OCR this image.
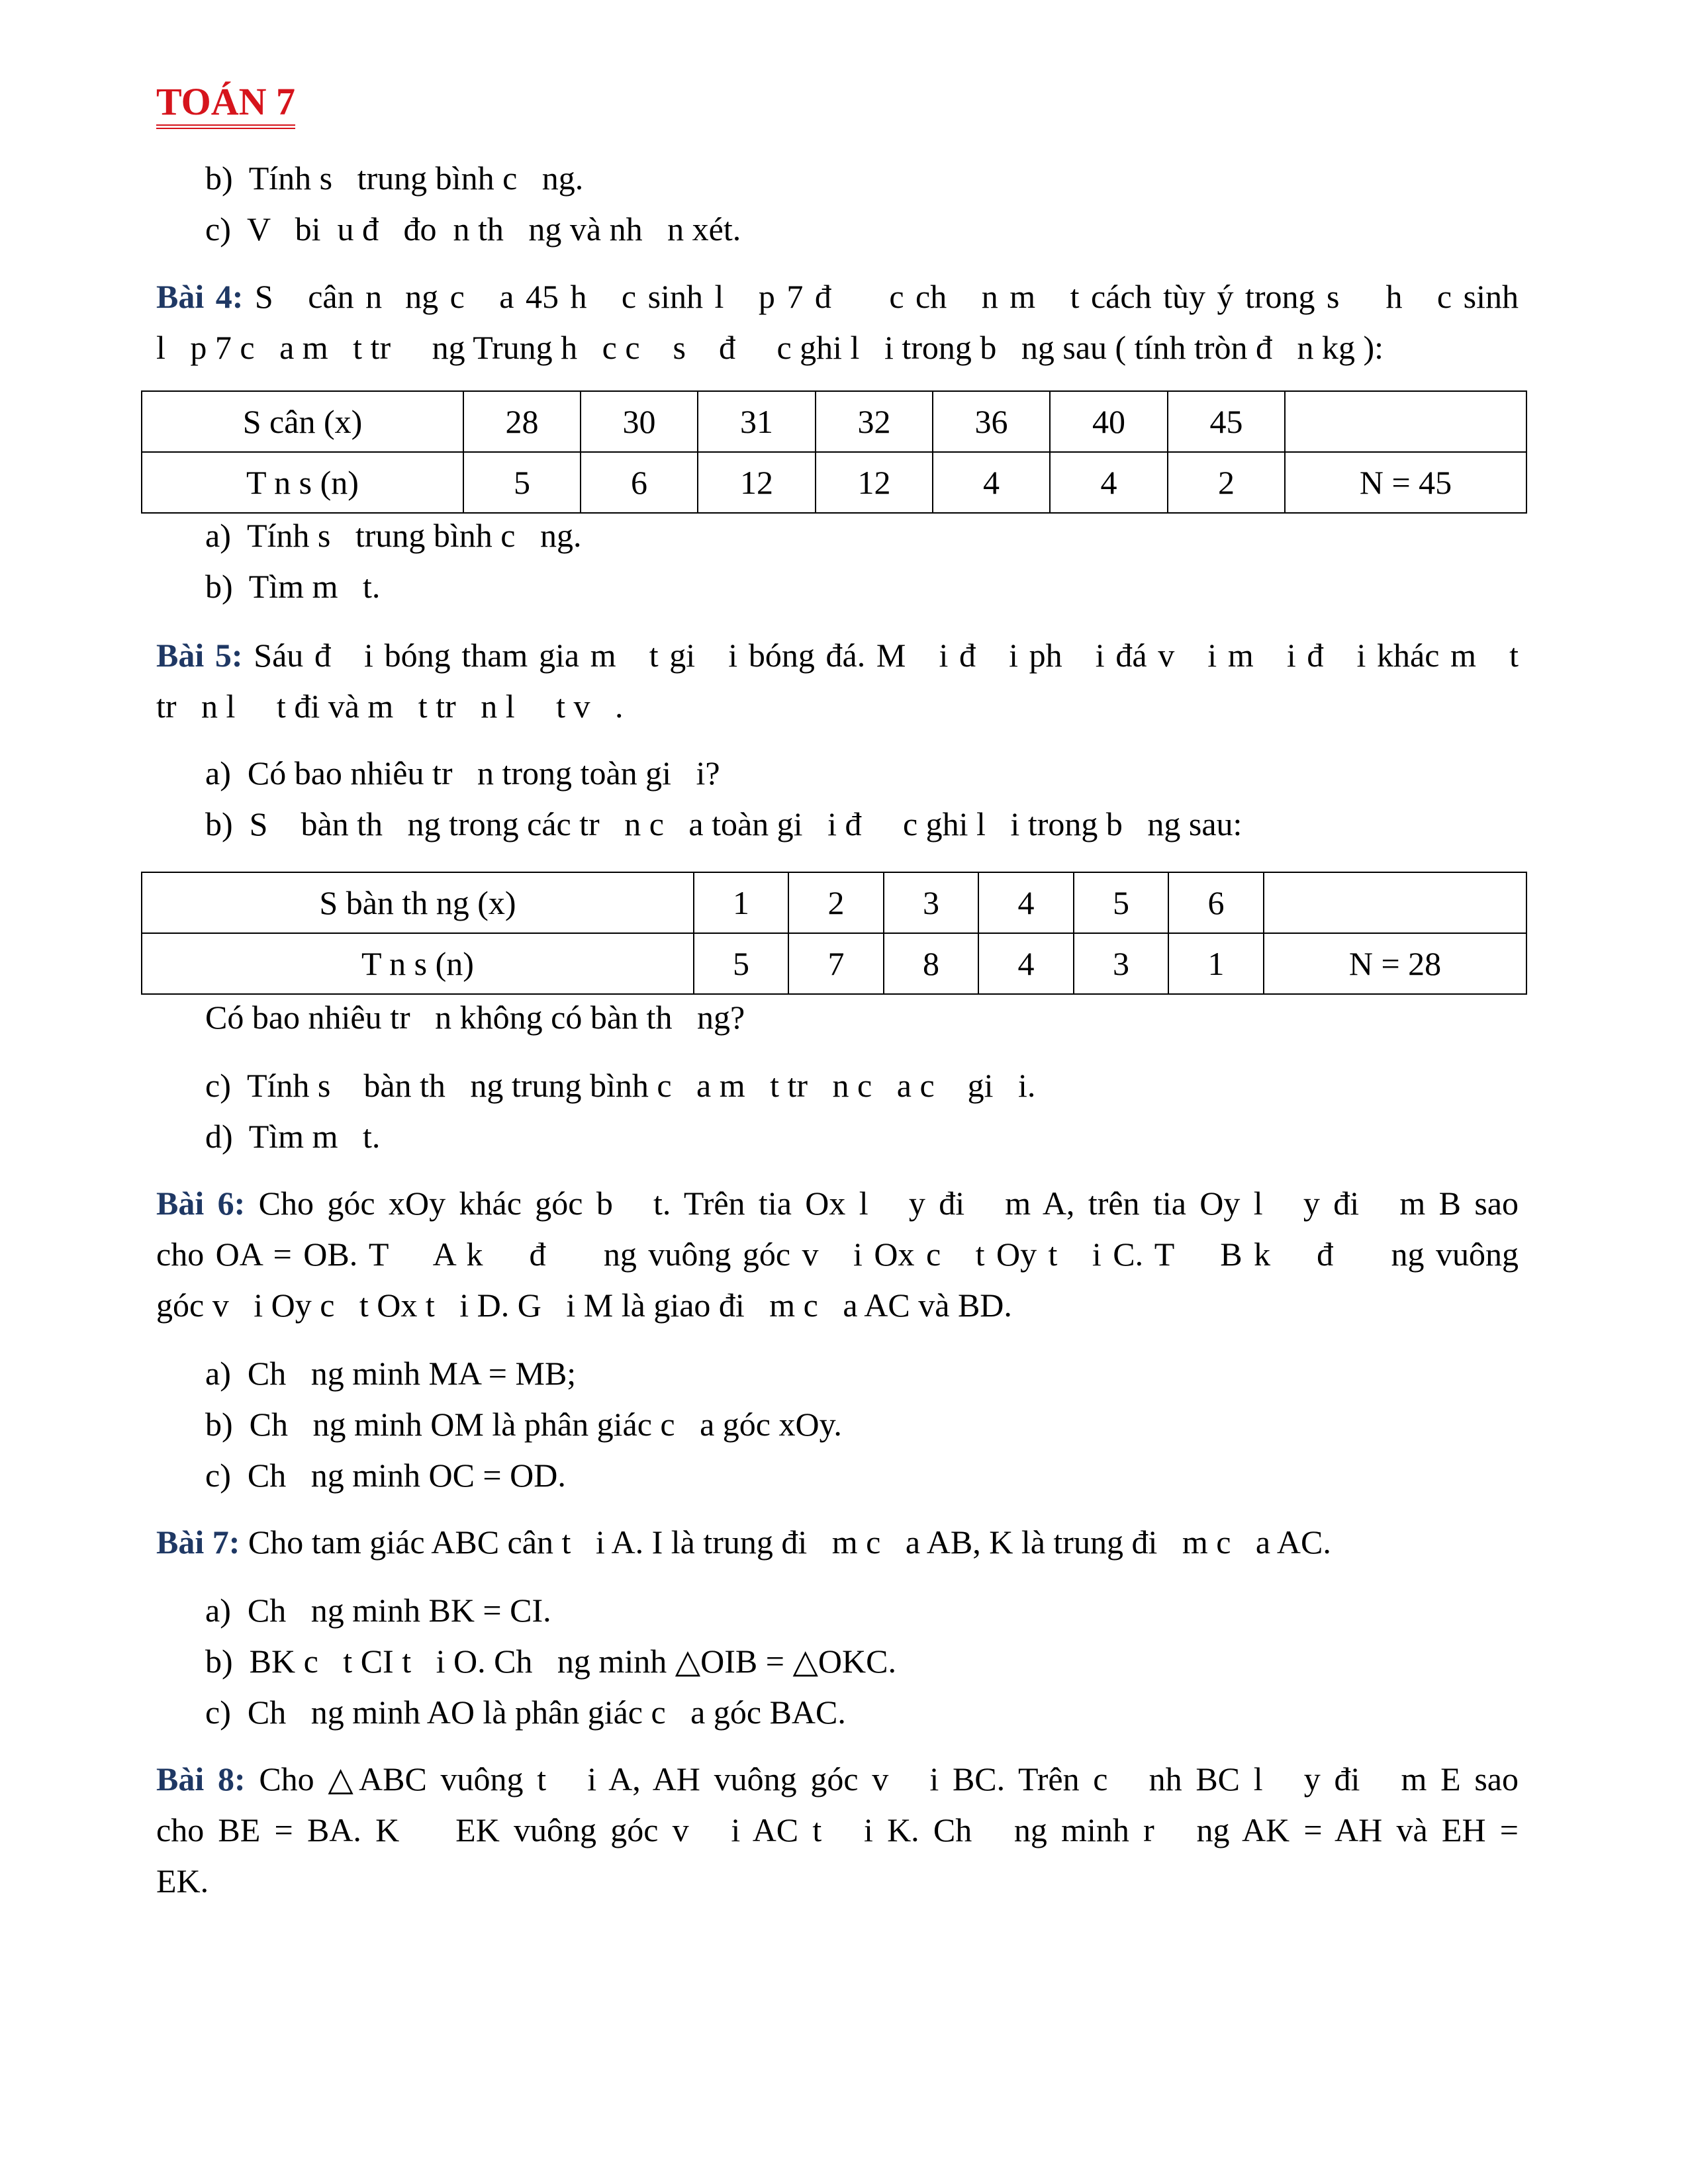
TOÁN 7
b)  Tính s   trung bình c   ng.
c)  V   bi  u đ   đo  n th   ng và nh   n xét.
Bài 4: S   cân n  ng c   a 45 h   c sinh l   p 7 đ     c ch   n m   t cách tùy ý trong s    h   c sinh
l   p 7 c   a m   t tr     ng Trung h   c c    s    đ     c ghi l   i trong b   ng sau ( tính tròn đ   n kg ):
S cân (x)	28	30	31	32	36	40	45	
T n s (n)	5	6	12	12	4	4	2	N = 45
a)  Tính s   trung bình c   ng.
b)  Tìm m   t.
Bài 5: Sáu đ   i bóng tham gia m   t gi   i bóng đá. M   i đ   i ph   i đá v   i m   i đ   i khác m   t
tr   n l     t đi và m   t tr   n l     t v   .
a)  Có bao nhiêu tr   n trong toàn gi   i?
b)  S    bàn th   ng trong các tr   n c   a toàn gi   i đ     c ghi l   i trong b   ng sau:
S bàn th ng (x)	1	2	3	4	5	6	
T n s (n)	5	7	8	4	3	1	N = 28
Có bao nhiêu tr   n không có bàn th   ng?
c)  Tính s    bàn th   ng trung bình c   a m   t tr   n c   a c    gi   i.
d)  Tìm m   t.
Bài 6: Cho góc xOy khác góc b   t. Trên tia Ox l   y đi   m A, trên tia Oy l   y đi   m B sao
cho OA = OB. T    A k    đ     ng vuông góc v   i Ox c   t Oy t   i C. T    B k    đ     ng vuông
góc v   i Oy c   t Ox t   i D. G   i M là giao đi   m c   a AC và BD.
a)  Ch   ng minh MA = MB;
b)  Ch   ng minh OM là phân giác c   a góc xOy.
c)  Ch   ng minh OC = OD.
Bài 7: Cho tam giác ABC cân t   i A. I là trung đi   m c   a AB, K là trung đi   m c   a AC.
a)  Ch   ng minh BK = CI.
b)  BK c   t CI t   i O. Ch   ng minh △OIB = △OKC.
c)  Ch   ng minh AO là phân giác c   a góc BAC.
Bài 8: Cho △ABC vuông t   i A, AH vuông góc v   i BC. Trên c   nh BC l   y đi   m E sao
cho BE = BA. K    EK vuông góc v   i AC t   i K. Ch   ng minh r   ng AK = AH và EH =
EK.
